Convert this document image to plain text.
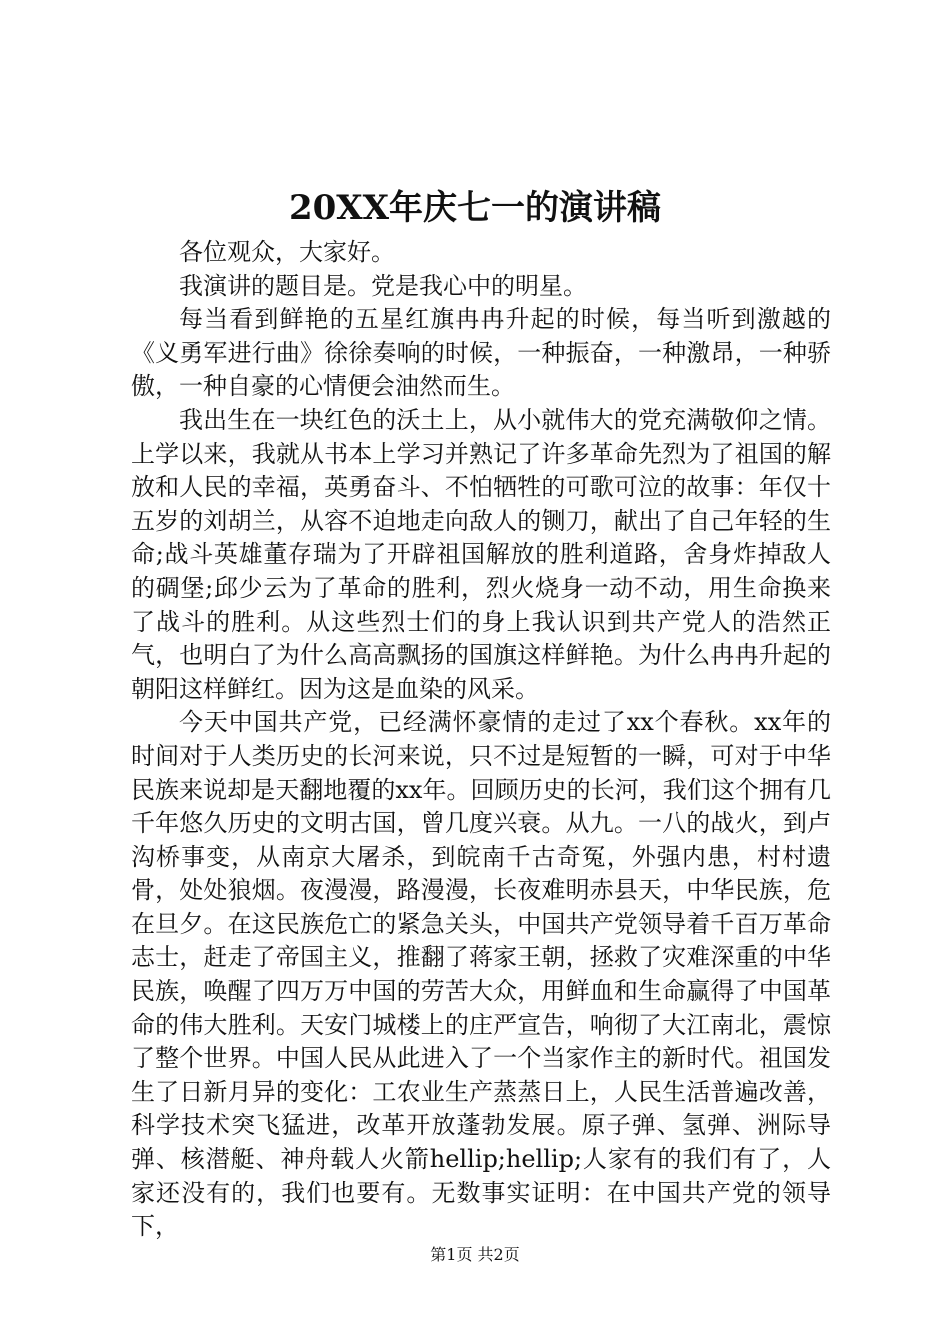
20XX年庆七一的演讲稿

各位观众，大家好。

我演讲的题目是。党是我心中的明星。

每当看到鲜艳的五星红旗冉冉升起的时候，每当听到激越的《义勇军进行曲》徐徐奏响的时候，一种振奋，一种激昂，一种骄傲，一种自豪的心情便会油然而生。

我出生在一块红色的沃土上，从小就伟大的党充满敬仰之情。上学以来，我就从书本上学习并熟记了许多革命先烈为了祖国的解放和人民的幸福，英勇奋斗、不怕牺牲的可歌可泣的故事：年仅十五岁的刘胡兰，从容不迫地走向敌人的铡刀，献出了自己年轻的生命;战斗英雄董存瑞为了开辟祖国解放的胜利道路，舍身炸掉敌人的碉堡;邱少云为了革命的胜利，烈火烧身一动不动，用生命换来了战斗的胜利。从这些烈士们的身上我认识到共产党人的浩然正气，也明白了为什么高高飘扬的国旗这样鲜艳。为什么冉冉升起的朝阳这样鲜红。因为这是血染的风采。

今天中国共产党，已经满怀豪情的走过了xx个春秋。xx年的时间对于人类历史的长河来说，只不过是短暂的一瞬，可对于中华民族来说却是天翻地覆的xx年。回顾历史的长河，我们这个拥有几千年悠久历史的文明古国，曾几度兴衰。从九。一八的战火，到卢沟桥事变，从南京大屠杀，到皖南千古奇冤，外强内患，村村遗骨，处处狼烟。夜漫漫，路漫漫，长夜难明赤县天，中华民族，危在旦夕。在这民族危亡的紧急关头，中国共产党领导着千百万革命志士，赶走了帝国主义，推翻了蒋家王朝，拯救了灾难深重的中华民族，唤醒了四万万中国的劳苦大众，用鲜血和生命赢得了中国革命的伟大胜利。天安门城楼上的庄严宣告，响彻了大江南北，震惊了整个世界。中国人民从此进入了一个当家作主的新时代。祖国发生了日新月异的变化：工农业生产蒸蒸日上，人民生活普遍改善，科学技术突飞猛进，改革开放蓬勃发展。原子弹、氢弹、洲际导弹、核潜艇、神舟载人火箭hellip;hellip;人家有的我们有了，人家还没有的，我们也要有。无数事实证明：在中国共产党的领导下，

第1页 共2页
